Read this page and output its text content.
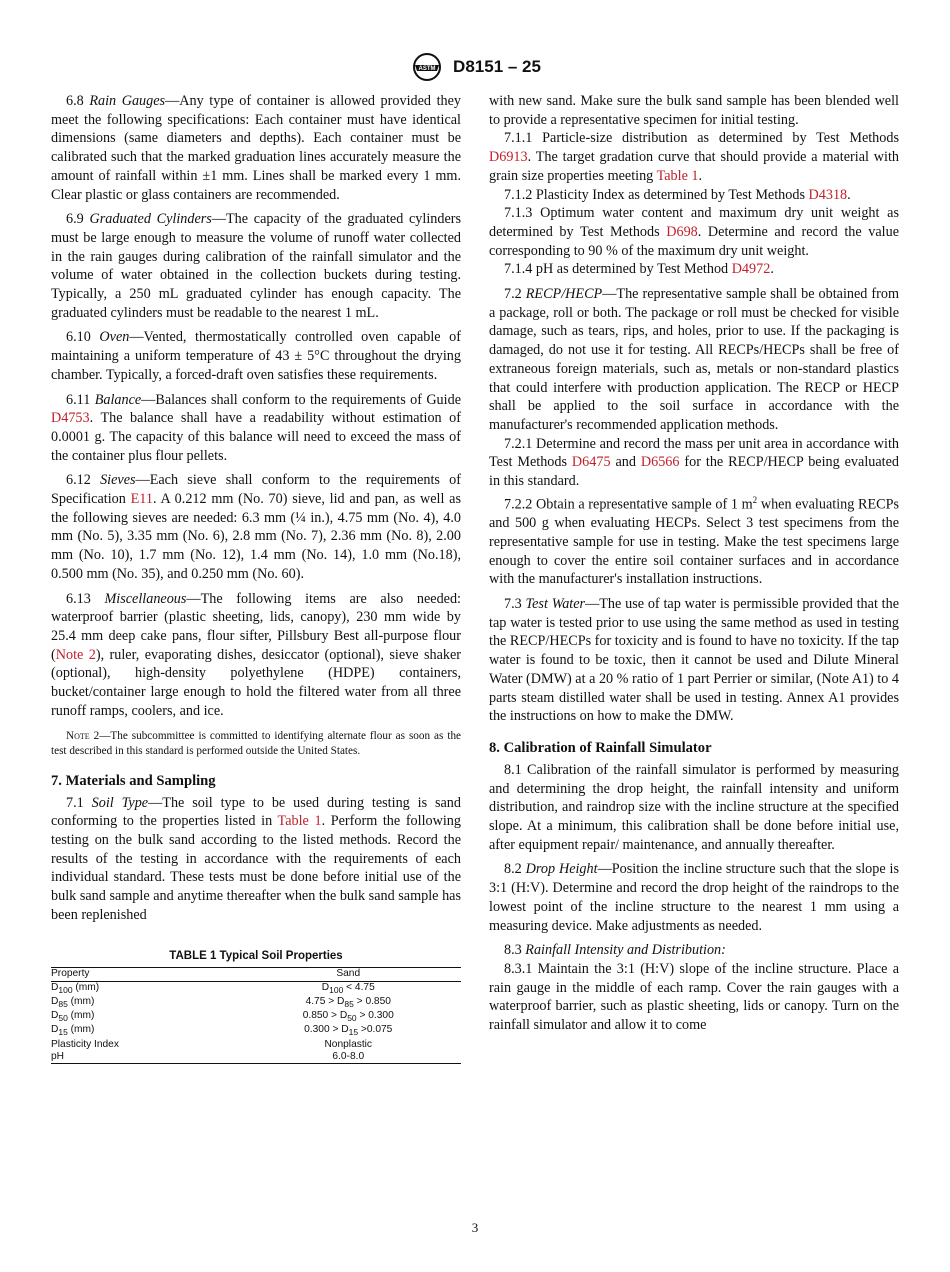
ASTM D8151 – 25

6.8 Rain Gauges—Any type of container is allowed provided they meet the following specifications: Each container must have identical dimensions (same diameters and depths). Each container must be calibrated such that the marked graduation lines accurately measure the amount of rainfall within ±1 mm. Lines shall be marked every 1 mm. Clear plastic or glass containers are recommended.

6.9 Graduated Cylinders—The capacity of the graduated cylinders must be large enough to measure the volume of runoff water collected in the rain gauges during calibration of the rainfall simulator and the volume of water obtained in the collection buckets during testing. Typically, a 250 mL graduated cylinder has enough capacity. The graduated cylinders must be readable to the nearest 1 mL.

6.10 Oven—Vented, thermostatically controlled oven capable of maintaining a uniform temperature of 43 ± 5°C throughout the drying chamber. Typically, a forced-draft oven satisfies these requirements.

6.11 Balance—Balances shall conform to the requirements of Guide D4753. The balance shall have a readability without estimation of 0.0001 g. The capacity of this balance will need to exceed the mass of the container plus flour pellets.

6.12 Sieves—Each sieve shall conform to the requirements of Specification E11. A 0.212 mm (No. 70) sieve, lid and pan, as well as the following sieves are needed: 6.3 mm (¼ in.), 4.75 mm (No. 4), 4.0 mm (No. 5), 3.35 mm (No. 6), 2.8 mm (No. 7), 2.36 mm (No. 8), 2.00 mm (No. 10), 1.7 mm (No. 12), 1.4 mm (No. 14), 1.0 mm (No.18), 0.500 mm (No. 35), and 0.250 mm (No. 60).

6.13 Miscellaneous—The following items are also needed: waterproof barrier (plastic sheeting, lids, canopy), 230 mm wide by 25.4 mm deep cake pans, flour sifter, Pillsbury Best all-purpose flour (Note 2), ruler, evaporating dishes, desiccator (optional), sieve shaker (optional), high-density polyethylene (HDPE) containers, bucket/container large enough to hold the filtered water from all three runoff ramps, coolers, and ice.

Note 2—The subcommittee is committed to identifying alternate flour as soon as the test described in this standard is performed outside the United States.

7. Materials and Sampling

7.1 Soil Type—The soil type to be used during testing is sand conforming to the properties listed in Table 1. Perform the following testing on the bulk sand according to the listed methods. Record the results of the testing in accordance with the requirements of each individual standard. These tests must be done before initial use of the bulk sand sample and anytime thereafter when the bulk sand sample has been replenished

TABLE 1 Typical Soil Properties
Property	Sand
$D_{100}$ (mm)	$D_{100} < 4.75$
$D_{85}$ (mm)	$4.75 > D_{85} > 0.850$
$D_{50}$ (mm)	$0.850 > D_{50} > 0.300$
$D_{15}$ (mm)	$0.300 > D_{15} >0.075$
Plasticity Index	Nonplastic
pH	6.0-8.0

with new sand. Make sure the bulk sand sample has been blended well to provide a representative specimen for initial testing.

7.1.1 Particle-size distribution as determined by Test Methods D6913. The target gradation curve that should provide a material with grain size properties meeting Table 1.

7.1.2 Plasticity Index as determined by Test Methods D4318.

7.1.3 Optimum water content and maximum dry unit weight as determined by Test Methods D698. Determine and record the value corresponding to 90 % of the maximum dry unit weight.

7.1.4 pH as determined by Test Method D4972.

7.2 RECP/HECP—The representative sample shall be obtained from a package, roll or both. The package or roll must be checked for visible damage, such as tears, rips, and holes, prior to use. If the packaging is damaged, do not use it for testing. All RECPs/HECPs shall be free of extraneous foreign materials, such as, metals or non-standard plastics that could interfere with production application. The RECP or HECP shall be applied to the soil surface in accordance with the manufacturer's recommended application methods.

7.2.1 Determine and record the mass per unit area in accordance with Test Methods D6475 and D6566 for the RECP/HECP being evaluated in this standard.

7.2.2 Obtain a representative sample of 1 $m^2$ when evaluating RECPs and 500 g when evaluating HECPs. Select 3 test specimens from the representative sample for use in testing. Make the test specimens large enough to cover the entire soil container surfaces and in accordance with the manufacturer's installation instructions.

7.3 Test Water—The use of tap water is permissible provided that the tap water is tested prior to use using the same method as used in testing the RECP/HECPs for toxicity and is found to have no toxicity. If the tap water is found to be toxic, then it cannot be used and Dilute Mineral Water (DMW) at a 20 % ratio of 1 part Perrier or similar, (Note A1) to 4 parts steam distilled water shall be used in testing. Annex A1 provides the instructions on how to make the DMW.

8. Calibration of Rainfall Simulator

8.1 Calibration of the rainfall simulator is performed by measuring and determining the drop height, the rainfall intensity and uniform distribution, and raindrop size with the incline structure at the specified slope. At a minimum, this calibration shall be done before initial use, after equipment repair/ maintenance, and annually thereafter.

8.2 Drop Height—Position the incline structure such that the slope is 3:1 (H:V). Determine and record the drop height of the raindrops to the lowest point of the incline structure to the nearest 1 mm using a measuring device. Make adjustments as needed.

8.3 Rainfall Intensity and Distribution:

8.3.1 Maintain the 3:1 (H:V) slope of the incline structure. Place a rain gauge in the middle of each ramp. Cover the rain gauges with a waterproof barrier, such as plastic sheeting, lids or canopy. Turn on the rainfall simulator and allow it to come

3
